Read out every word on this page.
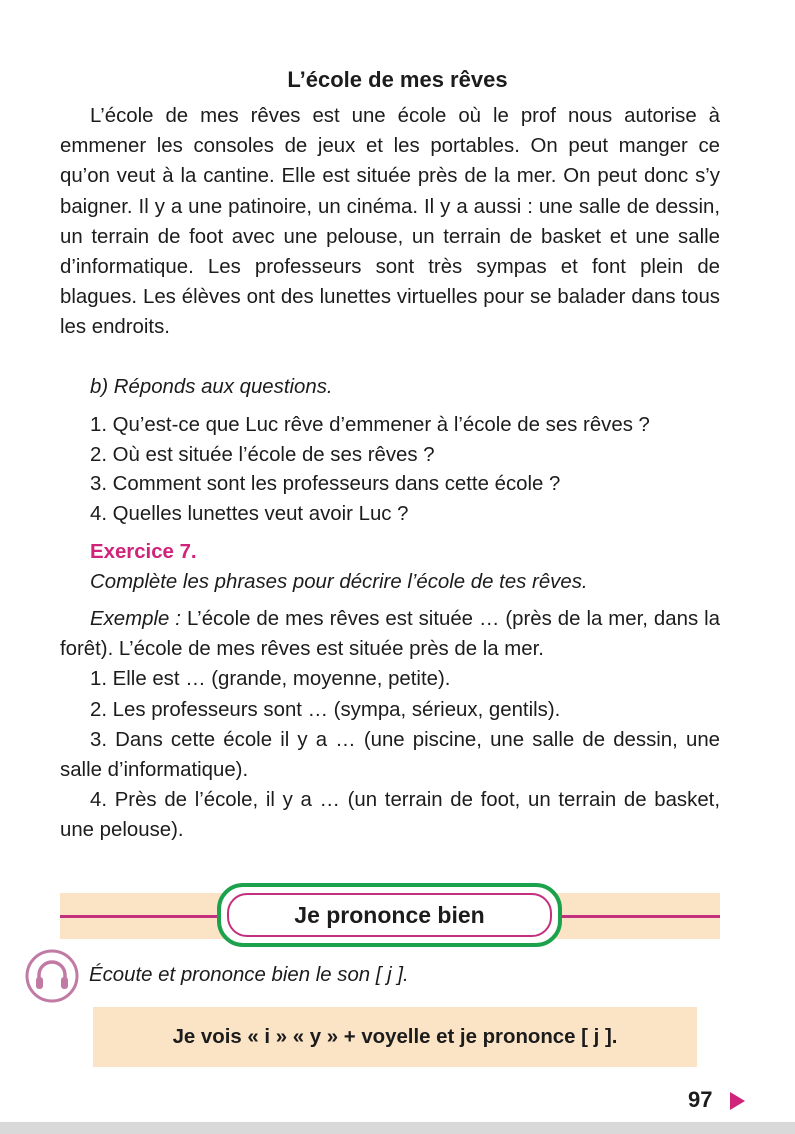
L’école de mes rêves

L’école de mes rêves est une école où le prof nous autorise à emmener les consoles de jeux et les portables. On peut manger ce qu’on veut à la cantine. Elle est située près de la mer. On peut donc s’y baigner. Il y a une patinoire, un cinéma. Il y a aussi : une salle de dessin, un terrain de foot avec une pelouse, un terrain de basket et une salle d’informatique. Les professeurs sont très sympas et font plein de blagues. Les élèves ont des lunettes virtuelles pour se balader dans tous les endroits.

b) Réponds aux questions.
1. Qu’est-ce que Luc rêve d’emmener à l’école de ses rêves ?
2. Où est située l’école de ses rêves ?
3. Comment sont les professeurs dans cette école ?
4. Quelles lunettes veut avoir Luc ?
Exercice 7.
Complète les phrases pour décrire l’école de tes rêves.

Exemple : L’école de mes rêves est située … (près de la mer, dans la forêt). L’école de mes rêves est située près de la mer.

1. Elle est … (grande, moyenne, petite).

2. Les professeurs sont … (sympa, sérieux, gentils).

3. Dans cette école il y a … (une piscine, une salle de dessin, une salle d’informatique).

4. Près de l’école, il y a … (un terrain de foot, un terrain de basket, une pelouse).

Je prononce bien
Écoute et prononce bien le son [ j ].
Je vois « i » « y » + voyelle et je prononce [ j ].
97
